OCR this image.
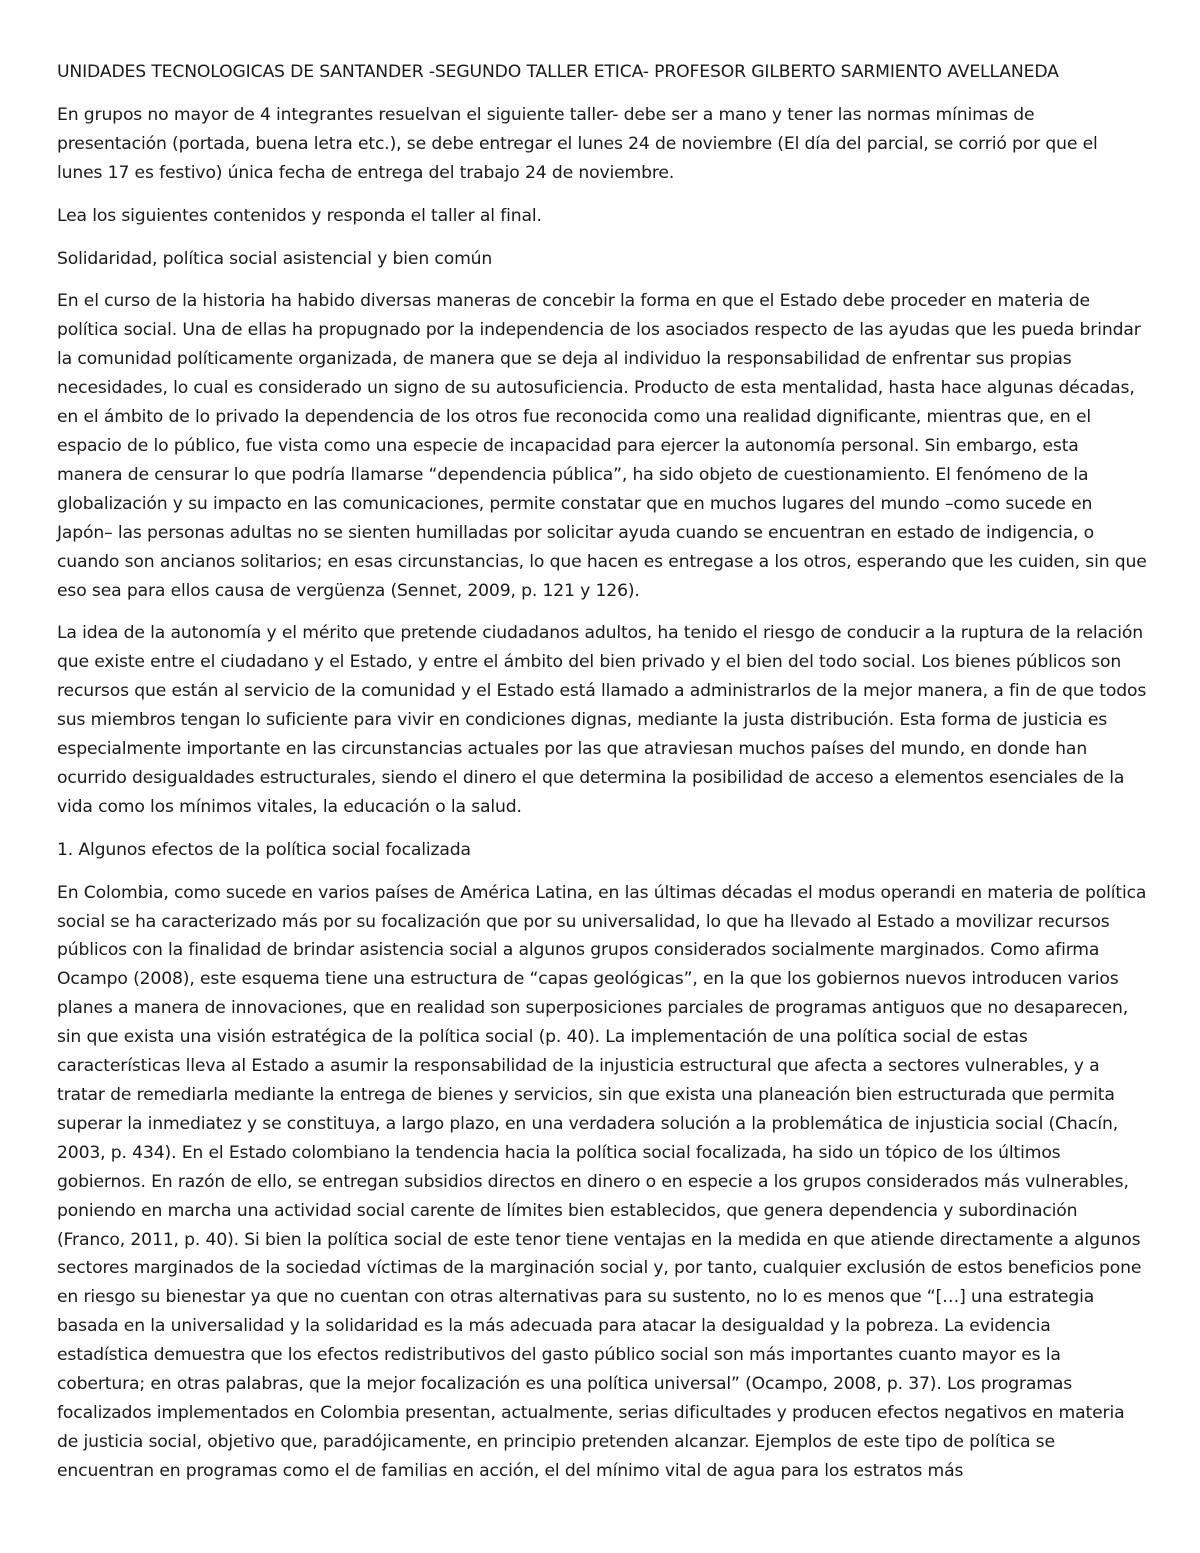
UNIDADES TECNOLOGICAS DE SANTANDER -SEGUNDO TALLER ETICA- PROFESOR GILBERTO SARMIENTO AVELLANEDA

En grupos no mayor de 4 integrantes resuelvan el siguiente taller- debe ser a mano y tener las normas mínimas de presentación (portada, buena letra etc.), se debe entregar el lunes 24 de noviembre (El día del parcial, se corrió por que el lunes 17 es festivo) única fecha de entrega del trabajo 24 de noviembre.

Lea los siguientes contenidos y responda el taller al final.

Solidaridad, política social asistencial y bien común

En el curso de la historia ha habido diversas maneras de concebir la forma en que el Estado debe proceder en materia de política social. Una de ellas ha propugnado por la independencia de los asociados respecto de las ayudas que les pueda brindar la comunidad políticamente organizada, de manera que se deja al individuo la responsabilidad de enfrentar sus propias necesidades, lo cual es considerado un signo de su autosuficiencia. Producto de esta mentalidad, hasta hace algunas décadas, en el ámbito de lo privado la dependencia de los otros fue reconocida como una realidad dignificante, mientras que, en el espacio de lo público, fue vista como una especie de incapacidad para ejercer la autonomía personal. Sin embargo, esta manera de censurar lo que podría llamarse “dependencia pública”, ha sido objeto de cuestionamiento. El fenómeno de la globalización y su impacto en las comunicaciones, permite constatar que en muchos lugares del mundo –como sucede en Japón– las personas adultas no se sienten humilladas por solicitar ayuda cuando se encuentran en estado de indigencia, o cuando son ancianos solitarios; en esas circunstancias, lo que hacen es entregase a los otros, esperando que les cuiden, sin que eso sea para ellos causa de vergüenza (Sennet, 2009, p. 121 y 126).

La idea de la autonomía y el mérito que pretende ciudadanos adultos, ha tenido el riesgo de conducir a la ruptura de la relación que existe entre el ciudadano y el Estado, y entre el ámbito del bien privado y el bien del todo social. Los bienes públicos son recursos que están al servicio de la comunidad y el Estado está llamado a administrarlos de la mejor manera, a fin de que todos sus miembros tengan lo suficiente para vivir en condiciones dignas, mediante la justa distribución. Esta forma de justicia es especialmente importante en las circunstancias actuales por las que atraviesan muchos países del mundo, en donde han ocurrido desigualdades estructurales, siendo el dinero el que determina la posibilidad de acceso a elementos esenciales de la vida como los mínimos vitales, la educación o la salud.

1. Algunos efectos de la política social focalizada

En Colombia, como sucede en varios países de América Latina, en las últimas décadas el modus operandi en materia de política social se ha caracterizado más por su focalización que por su universalidad, lo que ha llevado al Estado a movilizar recursos públicos con la finalidad de brindar asistencia social a algunos grupos considerados socialmente marginados. Como afirma Ocampo (2008), este esquema tiene una estructura de “capas geológicas”, en la que los gobiernos nuevos introducen varios planes a manera de innovaciones, que en realidad son superposiciones parciales de programas antiguos que no desaparecen, sin que exista una visión estratégica de la política social (p. 40). La implementación de una política social de estas características lleva al Estado a asumir la responsabilidad de la injusticia estructural que afecta a sectores vulnerables, y a tratar de remediarla mediante la entrega de bienes y servicios, sin que exista una planeación bien estructurada que permita superar la inmediatez y se constituya, a largo plazo, en una verdadera solución a la problemática de injusticia social (Chacín, 2003, p. 434). En el Estado colombiano la tendencia hacia la política social focalizada, ha sido un tópico de los últimos gobiernos. En razón de ello, se entregan subsidios directos en dinero o en especie a los grupos considerados más vulnerables, poniendo en marcha una actividad social carente de límites bien establecidos, que genera dependencia y subordinación (Franco, 2011, p. 40). Si bien la política social de este tenor tiene ventajas en la medida en que atiende directamente a algunos sectores marginados de la sociedad víctimas de la marginación social y, por tanto, cualquier exclusión de estos beneficios pone en riesgo su bienestar ya que no cuentan con otras alternativas para su sustento, no lo es menos que “[…] una estrategia basada en la universalidad y la solidaridad es la más adecuada para atacar la desigualdad y la pobreza. La evidencia estadística demuestra que los efectos redistributivos del gasto público social son más importantes cuanto mayor es la cobertura; en otras palabras, que la mejor focalización es una política universal” (Ocampo, 2008, p. 37). Los programas focalizados implementados en Colombia presentan, actualmente, serias dificultades y producen efectos negativos en materia de justicia social, objetivo que, paradójicamente, en principio pretenden alcanzar. Ejemplos de este tipo de política se encuentran en programas como el de familias en acción, el del mínimo vital de agua para los estratos más
